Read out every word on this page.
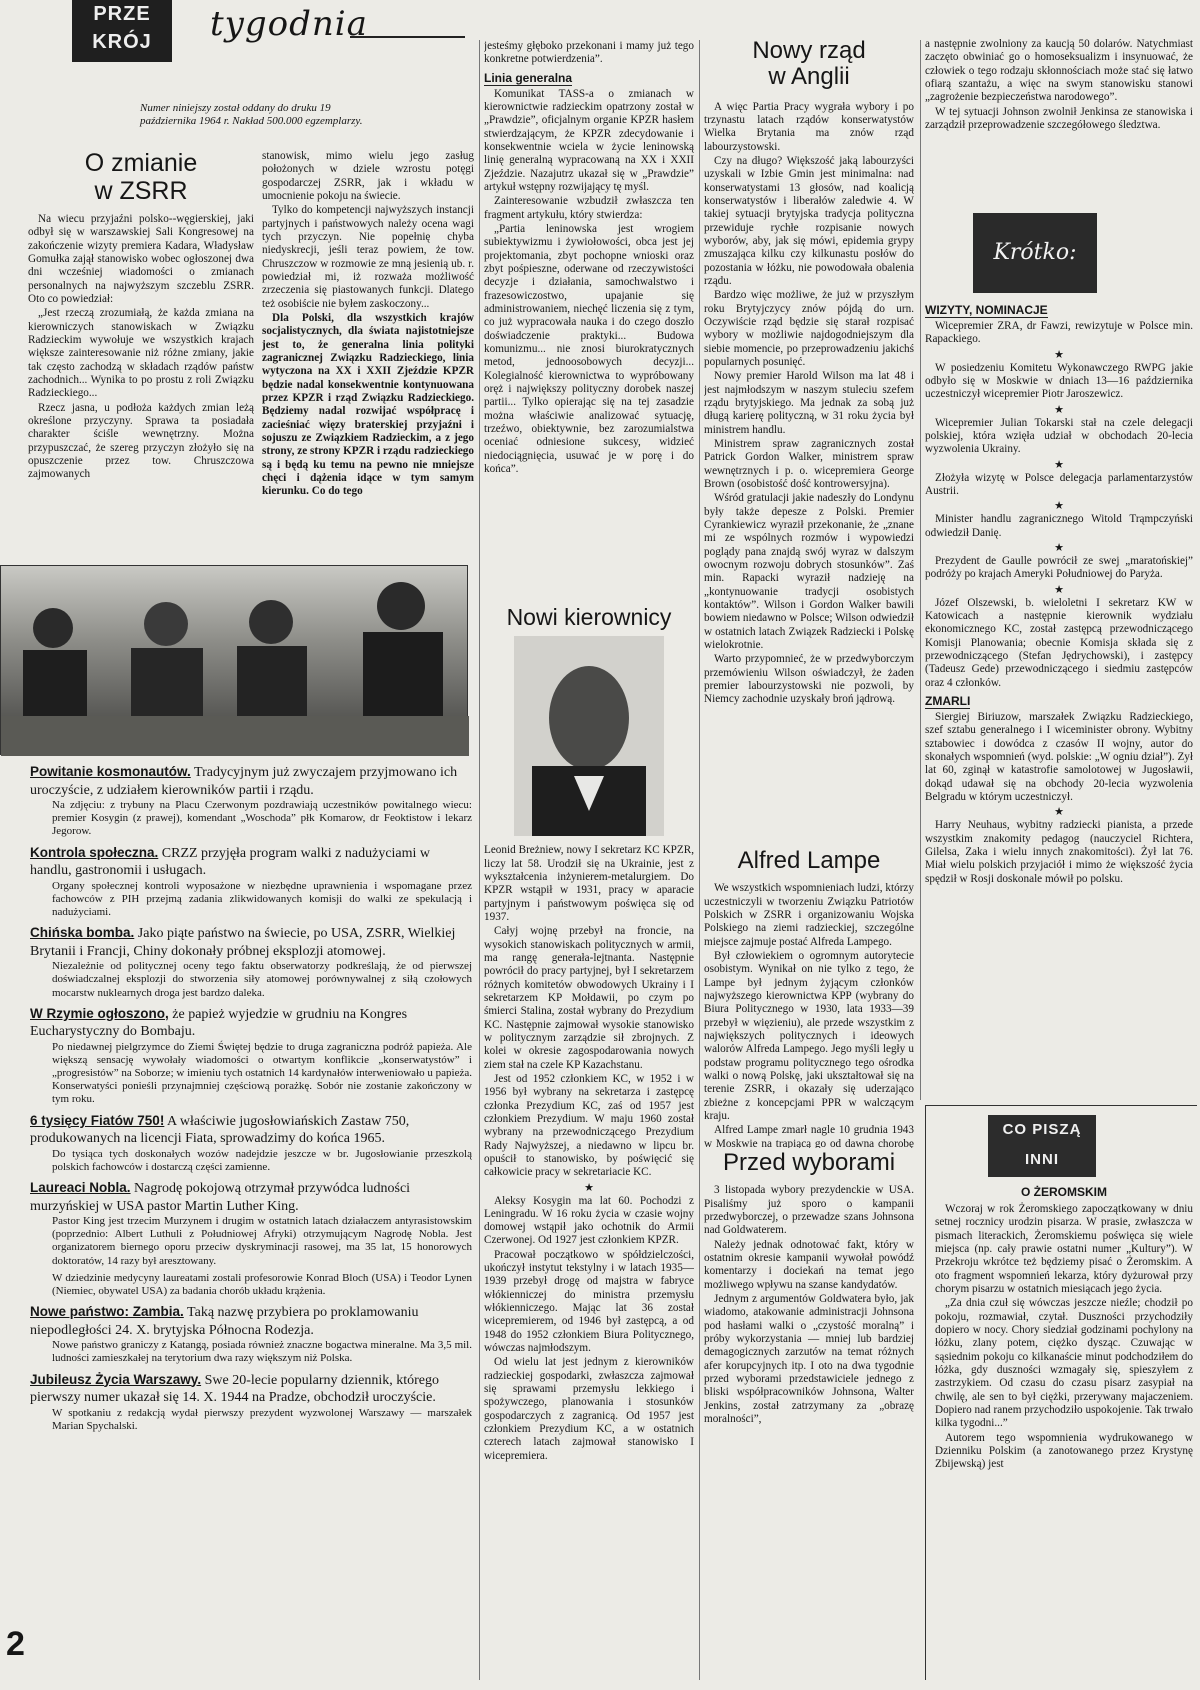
PRZE
KRÓJ	tygodnia
Numer niniejszy został oddany do druku 19 października 1964 r. Nakład 500.000 egzemplarzy.
O zmianie
w ZSRR

Na wiecu przyjaźni polsko--węgierskiej, jaki odbył się w warszawskiej Sali Kongresowej na zakończenie wizyty premiera Kadara, Władysław Gomułka zajął stanowisko wobec ogłoszonej dwa dni wcześniej wiadomości o zmianach personalnych na najwyższym szczeblu ZSRR. Oto co powiedział:

„Jest rzeczą zrozumiałą, że każda zmiana na kierowniczych stanowiskach w Związku Radzieckim wywołuje we wszystkich krajach większe zainteresowanie niż różne zmiany, jakie tak często zachodzą w składach rządów państw zachodnich... Wynika to po prostu z roli Związku Radzieckiego...

Rzecz jasna, u podłoża każdych zmian leżą określone przyczyny. Sprawa ta posiadała charakter ściśle wewnętrzny. Można przypuszczać, że szereg przyczyn złożyło się na opuszczenie przez tow. Chruszczowa zajmowanych

stanowisk, mimo wielu jego zasług położonych w dziele wzrostu potęgi gospodarczej ZSRR, jak i wkładu w umocnienie pokoju na świecie.

Tylko do kompetencji najwyższych instancji partyjnych i państwowych należy ocena wagi tych przyczyn. Nie popełnię chyba niedyskrecji, jeśli teraz powiem, że tow. Chruszczow w rozmowie ze mną jesienią ub. r. powiedział mi, iż rozważa możliwość zrzeczenia się piastowanych funkcji. Dlatego też osobiście nie byłem zaskoczony...

Dla Polski, dla wszystkich krajów socjalistycznych, dla świata najistotniejsze jest to, że generalna linia polityki zagranicznej Związku Radzieckiego, linia wytyczona na XX i XXII Zjeździe KPZR będzie nadal konsekwentnie kontynuowana przez KPZR i rząd Związku Radzieckiego. Będziemy nadal rozwijać współpracę i zacieśniać więzy braterskiej przyjaźni i sojuszu ze Związkiem Radzieckim, a z jego strony, ze strony KPZR i rządu radzieckiego są i będą ku temu na pewno nie mniejsze chęci i dążenia idące w tym samym kierunku. Co do tego

jesteśmy głęboko przekonani i mamy już tego konkretne potwierdzenia”.

Linia generalna

Komunikat TASS-a o zmianach w kierownictwie radzieckim opatrzony został w „Prawdzie”, oficjalnym organie KPZR hasłem stwierdzającym, że KPZR zdecydowanie i konsekwentnie wciela w życie leninowską linię generalną wypracowaną na XX i XXII Zjeździe. Nazajutrz ukazał się w „Prawdzie” artykuł wstępny rozwijający tę myśl.

Zainteresowanie wzbudził zwłaszcza ten fragment artykułu, który stwierdza:

„Partia leninowska jest wrogiem subiektywizmu i żywiołowości, obca jest jej projektomania, zbyt pochopne wnioski oraz zbyt pośpieszne, oderwane od rzeczywistości decyzje i działania, samochwalstwo i frazesowiczostwo, upajanie się administrowaniem, niechęć liczenia się z tym, co już wypracowała nauka i do czego doszło doświadczenie praktyki... Budowa komunizmu... nie znosi biurokratycznych metod, jednoosobowych decyzji... Kolegialność kierownictwa to wypróbowany oręż i największy polityczny dorobek naszej partii... Tylko opierając się na tej zasadzie można właściwie analizować sytuację, trzeźwo, obiektywnie, bez zarozumialstwa oceniać odniesione sukcesy, widzieć niedociągnięcia, usuwać je w porę i do końca”.

Powitanie kosmonautów. Tradycyjnym już zwyczajem przyjmowano ich uroczyście, z udziałem kierowników partii i rządu.

Na zdjęciu: z trybuny na Placu Czerwonym pozdrawiają uczestników powitalnego wiecu: premier Kosygin (z prawej), komendant „Woschoda” płk Komarow, dr Feoktistow i lekarz Jegorow.

Kontrola społeczna. CRZZ przyjęła program walki z nadużyciami w handlu, gastronomii i usługach.

Organy społecznej kontroli wyposażone w niezbędne uprawnienia i wspomagane przez fachowców z PIH przejmą zadania zlikwidowanych komisji do walki ze spekulacją i nadużyciami.

Chińska bomba. Jako piąte państwo na świecie, po USA, ZSRR, Wielkiej Brytanii i Francji, Chiny dokonały próbnej eksplozji atomowej.

Niezależnie od politycznej oceny tego faktu obserwatorzy podkreślają, że od pierwszej doświadczalnej eksplozji do stworzenia siły atomowej porównywalnej z siłą czołowych mocarstw nuklearnych droga jest bardzo daleka.

W Rzymie ogłoszono, że papież wyjedzie w grudniu na Kongres Eucharystyczny do Bombaju.

Po niedawnej pielgrzymce do Ziemi Świętej będzie to druga zagraniczna podróż papieża. Ale większą sensację wywołały wiadomości o otwartym konflikcie „konserwatystów” i „progresistów” na Soborze; w imieniu tych ostatnich 14 kardynałów interweniowało u papieża. Konserwatyści ponieśli przynajmniej częściową porażkę. Sobór nie zostanie zakończony w tym roku.

6 tysięcy Fiatów 750! A właściwie jugosłowiańskich Zastaw 750, produkowanych na licencji Fiata, sprowadzimy do końca 1965.

Do tysiąca tych doskonałych wozów nadejdzie jeszcze w br. Jugosłowianie przeszkolą polskich fachowców i dostarczą części zamienne.

Laureaci Nobla. Nagrodę pokojową otrzymał przywódca ludności murzyńskiej w USA pastor Martin Luther King.

Pastor King jest trzecim Murzynem i drugim w ostatnich latach działaczem antyrasistowskim (poprzednio: Albert Luthuli z Południowej Afryki) otrzymującym Nagrodę Nobla. Jest organizatorem biernego oporu przeciw dyskryminacji rasowej, ma 35 lat, 15 honorowych doktoratów, 14 razy był aresztowany.

W dziedzinie medycyny laureatami zostali profesorowie Konrad Bloch (USA) i Teodor Lynen (Niemiec, obywatel USA) za badania chorób układu krążenia.

Nowe państwo: Zambia. Taką nazwę przybiera po proklamowaniu niepodległości 24. X. brytyjska Północna Rodezja.

Nowe państwo graniczy z Katangą, posiada również znaczne bogactwa mineralne. Ma 3,5 mil. ludności zamieszkałej na terytorium dwa razy większym niż Polska.

Jubileusz Życia Warszawy. Swe 20-lecie popularny dziennik, którego pierwszy numer ukazał się 14. X. 1944 na Pradze, obchodził uroczyście.

W spotkaniu z redakcją wydał pierwszy prezydent wyzwolonej Warszawy — marszałek Marian Spychalski.

2
Nowi kierownicy

Leonid Breżniew, nowy I sekretarz KC KPZR, liczy lat 58. Urodził się na Ukrainie, jest z wykształcenia inżynierem-metalurgiem. Do KPZR wstąpił w 1931, pracy w aparacie partyjnym i państwowym poświęca się od 1937.

Całyj wojnę przebył na froncie, na wysokich stanowiskach politycznych w armii, ma rangę generała-lejtnanta. Następnie powrócił do pracy partyjnej, był I sekretarzem różnych komitetów obwodowych Ukrainy i I sekretarzem KP Mołdawii, po czym po śmierci Stalina, został wybrany do Prezydium KC. Następnie zajmował wysokie stanowisko w politycznym zarządzie sił zbrojnych. Z kolei w okresie zagospodarowania nowych ziem stał na czele KP Kazachstanu.

Jest od 1952 członkiem KC, w 1952 i w 1956 był wybrany na sekretarza i zastępcę członka Prezydium KC, zaś od 1957 jest członkiem Prezydium. W maju 1960 został wybrany na przewodniczącego Prezydium Rady Najwyższej, a niedawno w lipcu br. opuścił to stanowisko, by poświęcić się całkowicie pracy w sekretariacie KC.

★

Aleksy Kosygin ma lat 60. Pochodzi z Leningradu. W 16 roku życia w czasie wojny domowej wstąpił jako ochotnik do Armii Czerwonej. Od 1927 jest członkiem KPZR.

Pracował początkowo w spółdzielczości, ukończył instytut tekstylny i w latach 1935—1939 przebył drogę od majstra w fabryce włókienniczej do ministra przemysłu włókienniczego. Mając lat 36 został wicepremierem, od 1946 był zastępcą, a od 1948 do 1952 członkiem Biura Politycznego, wówczas najmłodszym.

Od wielu lat jest jednym z kierowników radzieckiej gospodarki, zwłaszcza zajmował się sprawami przemysłu lekkiego i spożywczego, planowania i stosunków gospodarczych z zagranicą. Od 1957 jest członkiem Prezydium KC, a w ostatnich czterech latach zajmował stanowisko I wicepremiera.

Nowy rząd
w Anglii

A więc Partia Pracy wygrała wybory i po trzynastu latach rządów konserwatystów Wielka Brytania ma znów rząd labourzystowski.

Czy na długo? Większość jaką labourzyści uzyskali w Izbie Gmin jest minimalna: nad konserwatystami 13 głosów, nad koalicją konserwatystów i liberałów zaledwie 4. W takiej sytuacji brytyjska tradycja polityczna przewiduje rychłe rozpisanie nowych wyborów, aby, jak się mówi, epidemia grypy zmuszająca kilku czy kilkunastu posłów do pozostania w łóżku, nie powodowała obalenia rządu.

Bardzo więc możliwe, że już w przyszłym roku Brytyjczycy znów pójdą do urn. Oczywiście rząd będzie się starał rozpisać wybory w możliwie najdogodniejszym dla siebie momencie, po przeprowadzeniu jakichś popularnych posunięć.

Nowy premier Harold Wilson ma lat 48 i jest najmłodszym w naszym stuleciu szefem rządu brytyjskiego. Ma jednak za sobą już długą karierę polityczną, w 31 roku życia był ministrem handlu.

Ministrem spraw zagranicznych został Patrick Gordon Walker, ministrem spraw wewnętrznych i p. o. wicepremiera George Brown (osobistość dość kontrowersyjna).

Wśród gratulacji jakie nadeszły do Londynu były także depesze z Polski. Premier Cyrankiewicz wyraził przekonanie, że „znane mi ze wspólnych rozmów i wypowiedzi poglądy pana znajdą swój wyraz w dalszym owocnym rozwoju dobrych stosunków”. Zaś min. Rapacki wyraził nadzieję na „kontynuowanie tradycji osobistych kontaktów”. Wilson i Gordon Walker bawili bowiem niedawno w Polsce; Wilson odwiedził w ostatnich latach Związek Radziecki i Polskę wielokrotnie.

Warto przypomnieć, że w przedwyborczym przemówieniu Wilson oświadczył, że żaden premier labourzystowski nie pozwoli, by Niemcy zachodnie uzyskały broń jądrową.

Alfred Lampe

We wszystkich wspomnieniach ludzi, którzy uczestniczyli w tworzeniu Związku Patriotów Polskich w ZSRR i organizowaniu Wojska Polskiego na ziemi radzieckiej, szczególne miejsce zajmuje postać Alfreda Lampego.

Był człowiekiem o ogromnym autorytecie osobistym. Wynikał on nie tylko z tego, że Lampe był jednym żyjącym członków najwyższego kierownictwa KPP (wybrany do Biura Politycznego w 1930, lata 1933—39 przebył w więzieniu), ale przede wszystkim z największych politycznych i ideowych walorów Alfreda Lampego. Jego myśli legły u podstaw programu politycznego tego ośrodka walki o nową Polskę, jaki ukształtował się na terenie ZSRR, i okazały się uderzająco zbieżne z koncepcjami PPR w walczącym kraju.

Alfred Lampe zmarł nagle 10 grudnia 1943 w Moskwie na trapiącą go od dawna chorobę

Przed wyborami

3 listopada wybory prezydenckie w USA. Pisaliśmy już sporo o kampanii przedwyborczej, o przewadze szans Johnsona nad Goldwaterem.

Należy jednak odnotować fakt, który w ostatnim okresie kampanii wywołał powódź komentarzy i dociekań na temat jego możliwego wpływu na szanse kandydatów.

Jednym z argumentów Goldwatera było, jak wiadomo, atakowanie administracji Johnsona pod hasłami walki o „czystość moralną” i próby wykorzystania — mniej lub bardziej demagogicznych zarzutów na temat różnych afer korupcyjnych itp. I oto na dwa tygodnie przed wyborami przedstawiciele jednego z bliski współpracowników Johnsona, Walter Jenkins, został zatrzymany za „obrazę moralności”,

a następnie zwolniony za kaucją 50 dolarów. Natychmiast zaczęto obwiniać go o homoseksualizm i insynuować, że człowiek o tego rodzaju skłonnościach może stać się łatwo ofiarą szantażu, a więc na swym stanowisku stanowi „zagrożenie bezpieczeństwa narodowego”.

W tej sytuacji Johnson zwolnił Jenkinsa ze stanowiska i zarządził przeprowadzenie szczegółowego śledztwa.

Krótko:
WIZYTY, NOMINACJE

Wicepremier ZRA, dr Fawzi, rewizytuje w Polsce min. Rapackiego.

★

W posiedzeniu Komitetu Wykonawczego RWPG jakie odbyło się w Moskwie w dniach 13—16 października uczestniczył wicepremier Piotr Jaroszewicz.

★

Wicepremier Julian Tokarski stał na czele delegacji polskiej, która wzięła udział w obchodach 20-lecia wyzwolenia Ukrainy.

★

Złożyła wizytę w Polsce delegacja parlamentarzystów Austrii.

★

Minister handlu zagranicznego Witold Trąmpczyński odwiedził Danię.

★

Prezydent de Gaulle powrócił ze swej „maratońskiej” podróży po krajach Ameryki Południowej do Paryża.

★

Józef Olszewski, b. wieloletni I sekretarz KW w Katowicach a następnie kierownik wydziału ekonomicznego KC, został zastępcą przewodniczącego Komisji Planowania; obecnie Komisja składa się z przewodniczącego (Stefan Jędrychowski), i zastępcy (Tadeusz Gede) przewodniczącego i siedmiu zastępców oraz 4 członków.

ZMARLI

Siergiej Biriuzow, marszałek Związku Radzieckiego, szef sztabu generalnego i I wiceminister obrony. Wybitny sztabowiec i dowódca z czasów II wojny, autor do skonałych wspomnień (wyd. polskie: „W ogniu dział”). Zył lat 60, zginął w katastrofie samolotowej w Jugosławii, dokąd udawał się na obchody 20-lecia wyzwolenia Belgradu w którym uczestniczył.

★

Harry Neuhaus, wybitny radziecki pianista, a przede wszystkim znakomity pedagog (nauczyciel Richtera, Gilelsa, Zaka i wielu innych znakomitości). Żył lat 76. Miał wielu polskich przyjaciół i mimo że większość życia spędził w Rosji doskonale mówił po polsku.

CO PISZĄ
INNI
O ŻEROMSKIM

Wczoraj w rok Żeromskiego zapoczątkowany w dniu setnej rocznicy urodzin pisarza. W prasie, zwłaszcza w pismach literackich, Żeromskiemu poświęca się wiele miejsca (np. cały prawie ostatni numer „Kultury”). W Przekroju wkrótce też będziemy pisać o Żeromskim. A oto fragment wspomnień lekarza, który dyżurował przy chorym pisarzu w ostatnich miesiącach jego życia.

„Za dnia czuł się wówczas jeszcze nieźle; chodził po pokoju, rozmawiał, czytał. Duszności przychodziły dopiero w nocy. Chory siedział godzinami pochylony na łóżku, zlany potem, ciężko dysząc. Czuwając w sąsiednim pokoju co kilkanaście minut podchodziłem do łóżka, gdy duszności wzmagały się, spieszyłem z zastrzykiem. Od czasu do czasu pisarz zasypiał na chwilę, ale sen to był ciężki, przerywany majaczeniem. Dopiero nad ranem przychodziło uspokojenie. Tak trwało kilka tygodni...”

Autorem tego wspomnienia wydrukowanego w Dzienniku Polskim (a zanotowanego przez Krystynę Zbijewską) jest
